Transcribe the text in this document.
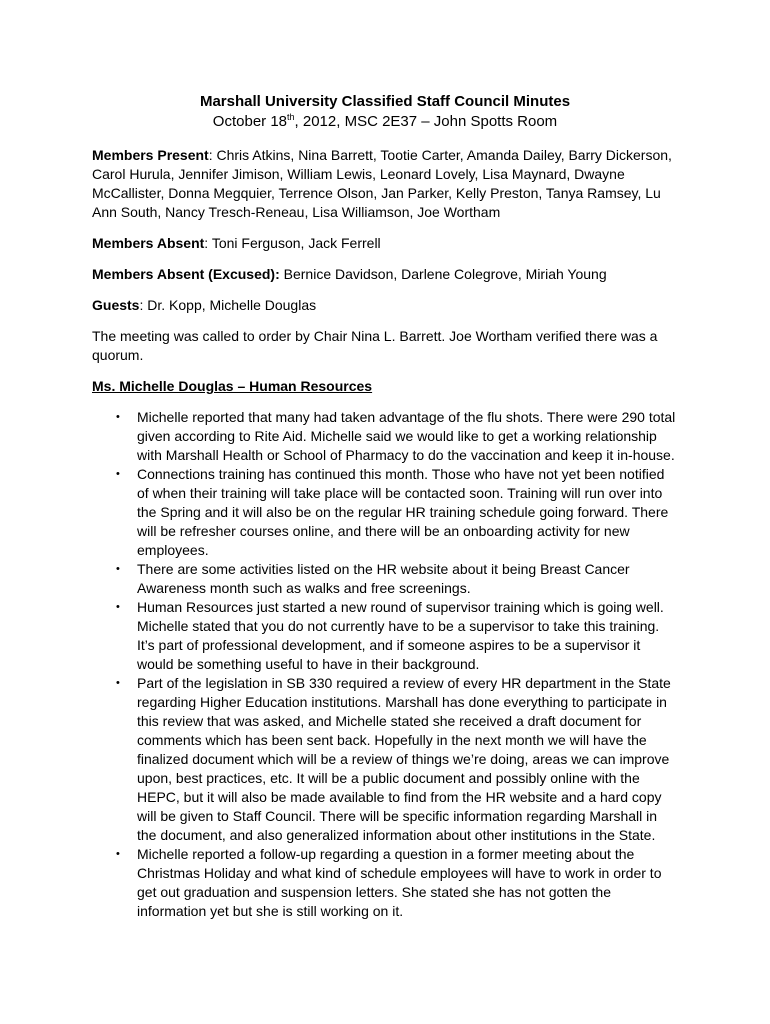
Marshall University Classified Staff Council Minutes
October 18th, 2012, MSC 2E37 – John Spotts Room

Members Present: Chris Atkins, Nina Barrett, Tootie Carter, Amanda Dailey, Barry Dickerson, Carol Hurula, Jennifer Jimison, William Lewis, Leonard Lovely, Lisa Maynard, Dwayne McCallister, Donna Megquier, Terrence Olson, Jan Parker, Kelly Preston, Tanya Ramsey, Lu Ann South, Nancy Tresch-Reneau, Lisa Williamson, Joe Wortham

Members Absent: Toni Ferguson, Jack Ferrell

Members Absent (Excused): Bernice Davidson, Darlene Colegrove, Miriah Young

Guests: Dr. Kopp, Michelle Douglas

The meeting was called to order by Chair Nina L. Barrett. Joe Wortham verified there was a quorum.

Ms. Michelle Douglas – Human Resources
• Michelle reported that many had taken advantage of the flu shots. There were 290 total given according to Rite Aid. Michelle said we would like to get a working relationship with Marshall Health or School of Pharmacy to do the vaccination and keep it in-house.
• Connections training has continued this month. Those who have not yet been notified of when their training will take place will be contacted soon. Training will run over into the Spring and it will also be on the regular HR training schedule going forward. There will be refresher courses online, and there will be an onboarding activity for new employees.
• There are some activities listed on the HR website about it being Breast Cancer Awareness month such as walks and free screenings.
• Human Resources just started a new round of supervisor training which is going well. Michelle stated that you do not currently have to be a supervisor to take this training. It’s part of professional development, and if someone aspires to be a supervisor it would be something useful to have in their background.
• Part of the legislation in SB 330 required a review of every HR department in the State regarding Higher Education institutions. Marshall has done everything to participate in this review that was asked, and Michelle stated she received a draft document for comments which has been sent back. Hopefully in the next month we will have the finalized document which will be a review of things we’re doing, areas we can improve upon, best practices, etc. It will be a public document and possibly online with the HEPC, but it will also be made available to find from the HR website and a hard copy will be given to Staff Council. There will be specific information regarding Marshall in the document, and also generalized information about other institutions in the State.
• Michelle reported a follow-up regarding a question in a former meeting about the Christmas Holiday and what kind of schedule employees will have to work in order to get out graduation and suspension letters. She stated she has not gotten the information yet but she is still working on it.
